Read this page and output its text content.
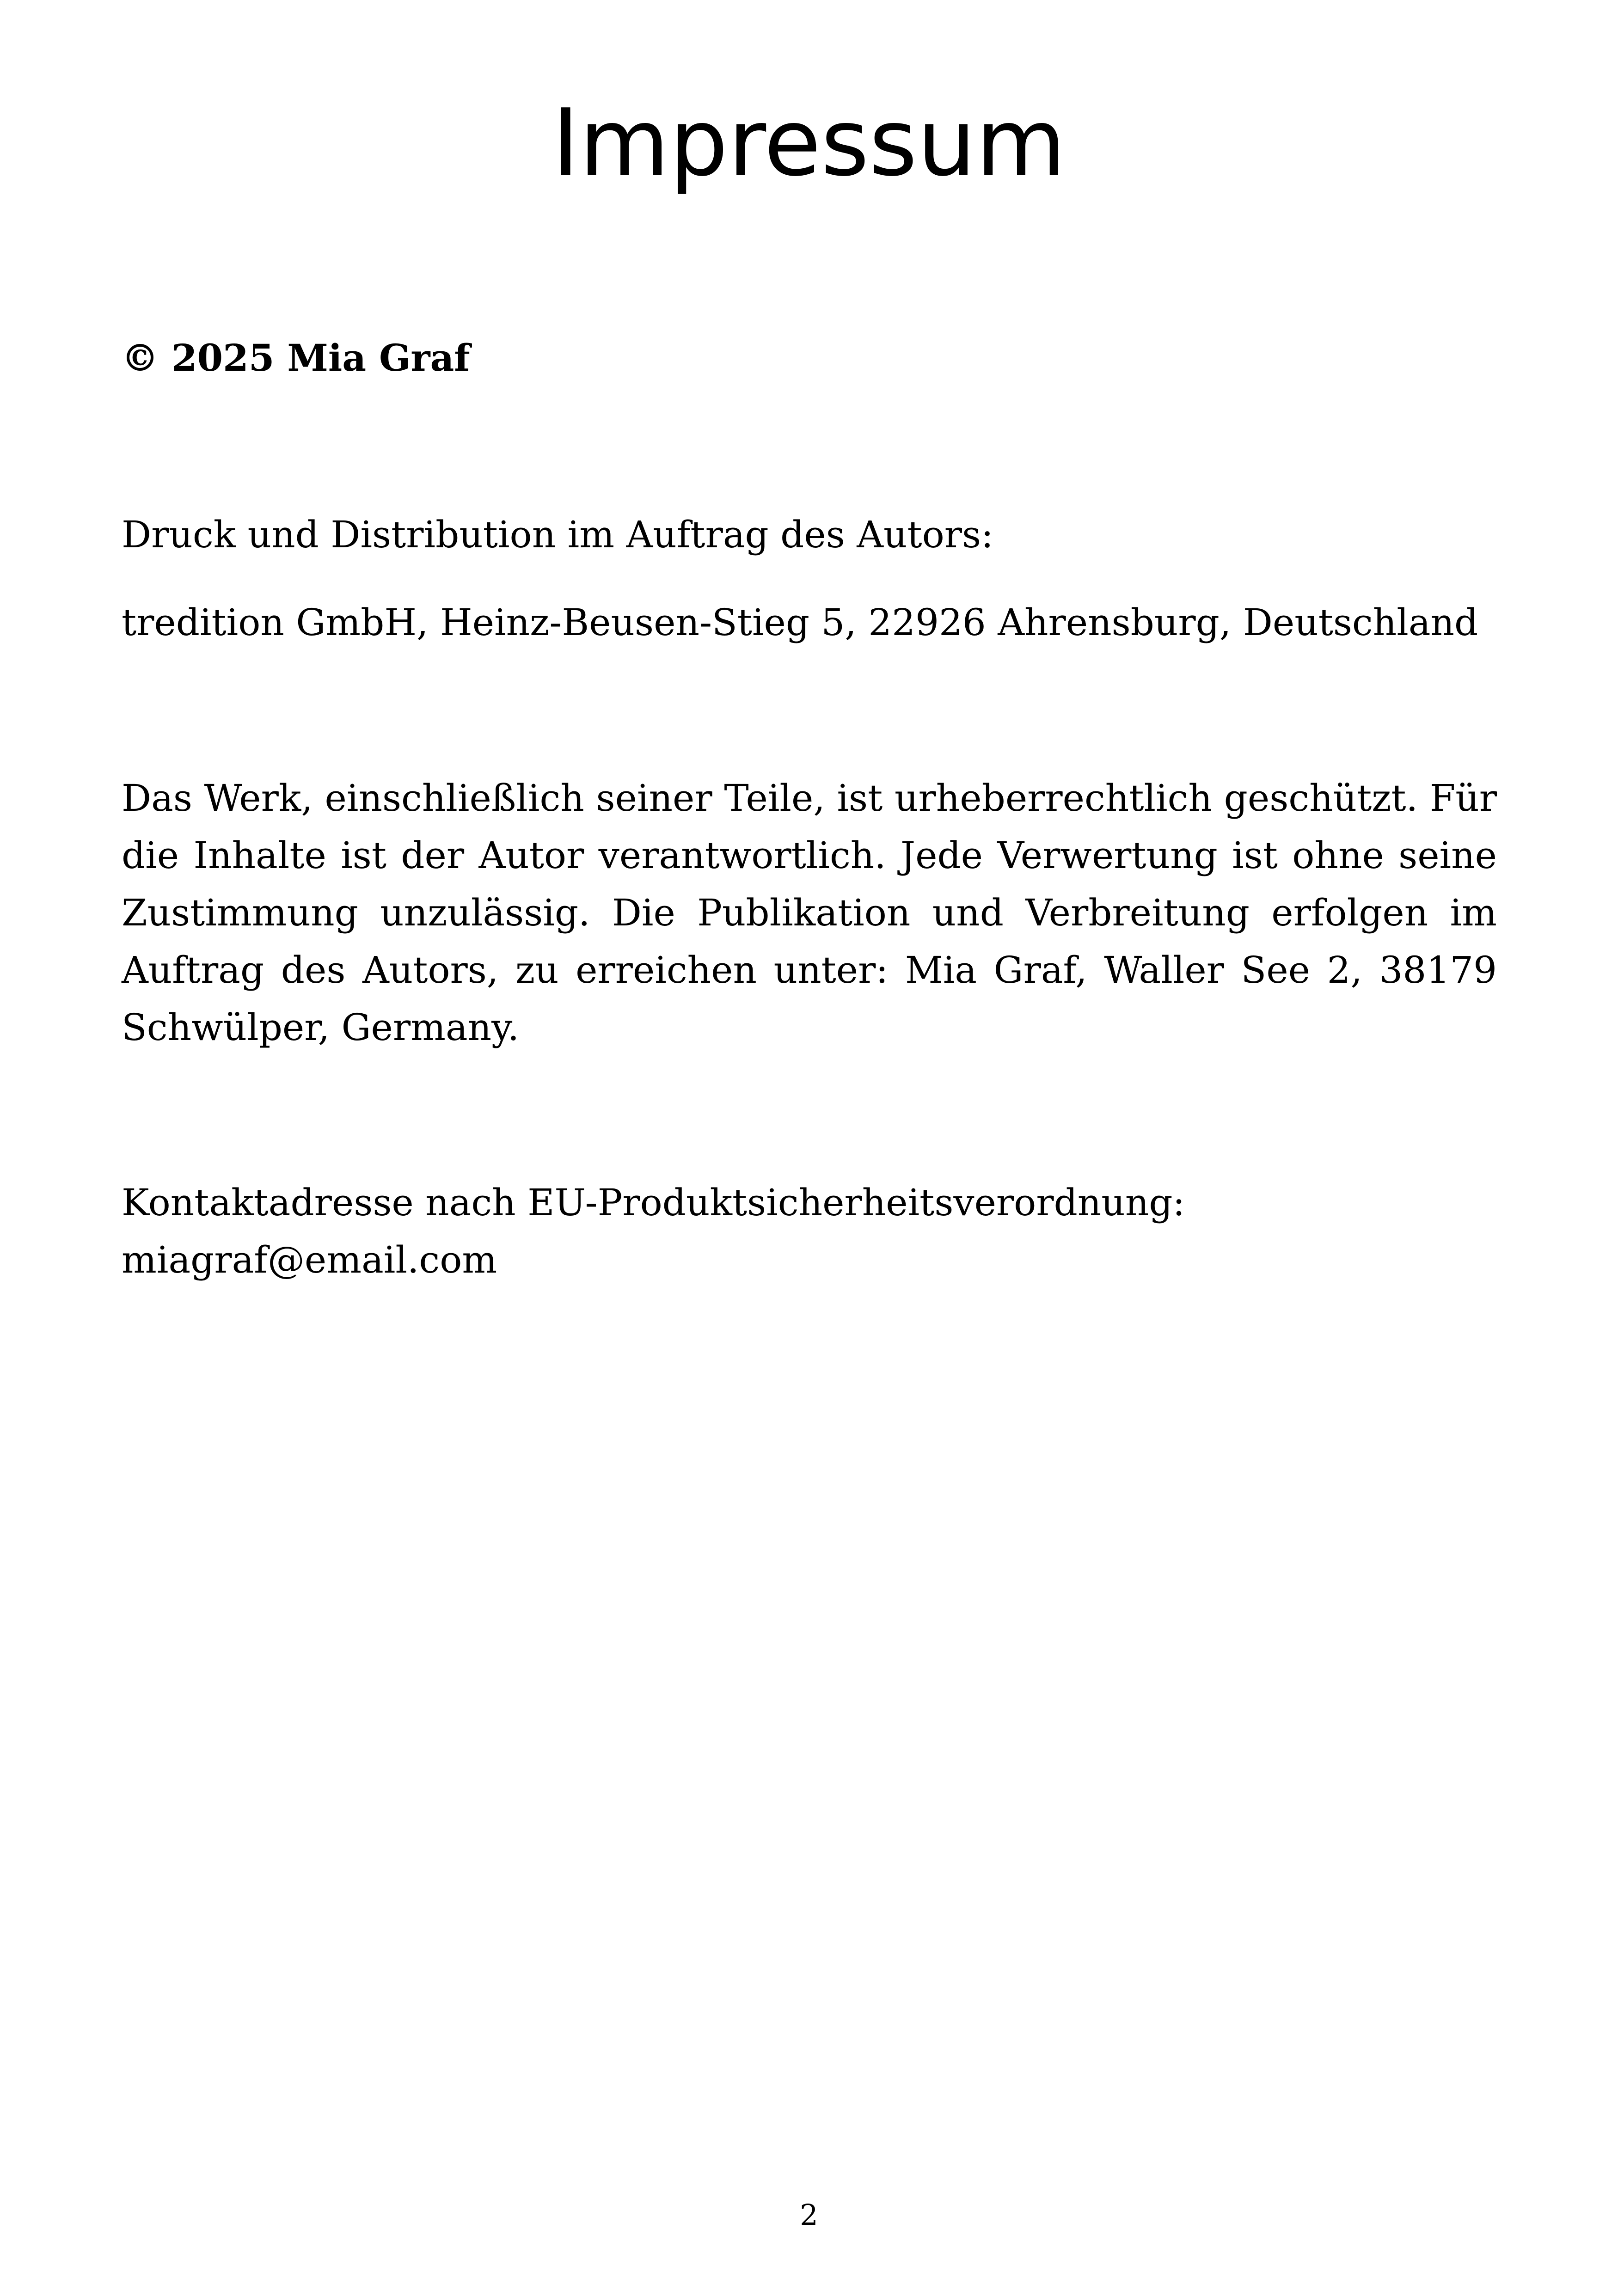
Impressum
© 2025 Mia Graf

Druck und Distribution im Auftrag des Autors:

tredition GmbH, Heinz-Beusen-Stieg 5, 22926 Ahrensburg, Deutschland

Das Werk, einschließlich seiner Teile, ist urheberrechtlich geschützt. Für die Inhalte ist der Autor verantwortlich. Jede Verwertung ist ohne seine Zustimmung unzulässig. Die Publikation und Verbreitung erfolgen im Auftrag des Autors, zu erreichen unter: Mia Graf, Waller See 2, 38179 Schwülper, Germany.

Kontaktadresse nach EU-Produktsicherheitsverordnung:
miagraf@email.com
2
